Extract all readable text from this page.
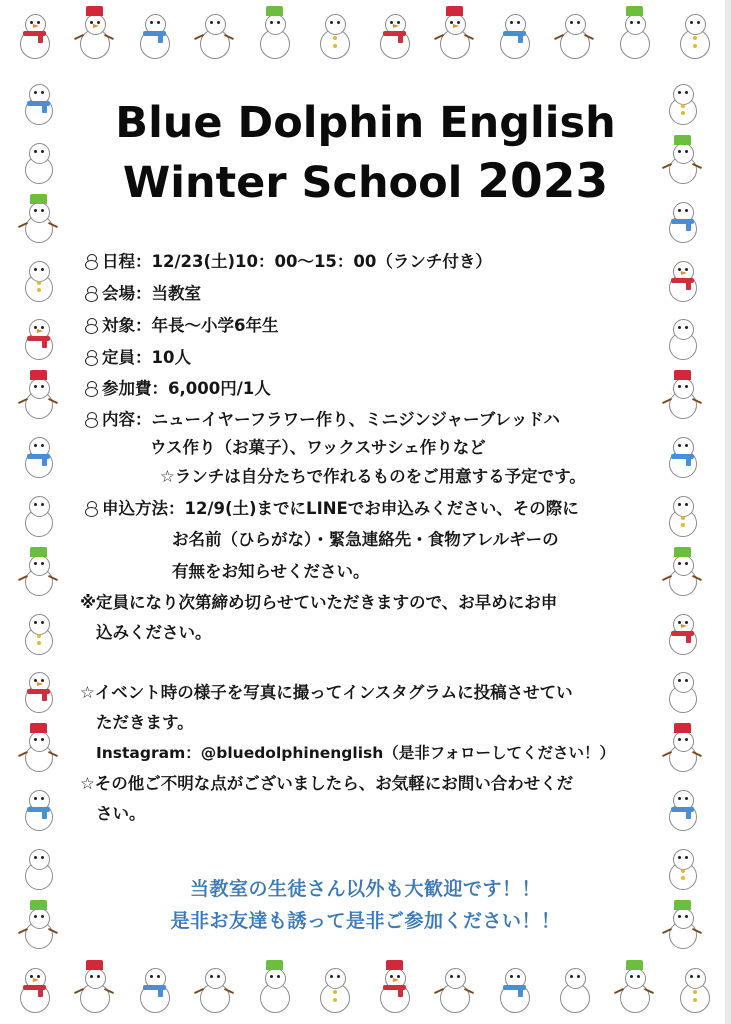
Blue Dolphin English
Winter School 2023
日程：12/23(土)10：00～15：00（ランチ付き）
会場：当教室
対象：年長～小学6年生
定員：10人
参加費：6,000円/1人
内容：ニューイヤーフラワー作り、ミニジンジャーブレッドハ
ウス作り（お菓子）、ワックスサシェ作りなど
☆ランチは自分たちで作れるものをご用意する予定です。
申込方法：12/9(土)までにLINEでお申込みください、その際に
お名前（ひらがな）・緊急連絡先・食物アレルギーの
有無をお知らせください。
※定員になり次第締め切らせていただきますので、お早めにお申
込みください。
☆イベント時の様子を写真に撮ってインスタグラムに投稿させてい
ただきます。
Instagram：@bluedolphinenglish（是非フォローしてください！）
☆その他ご不明な点がございましたら、お気軽にお問い合わせくだ
さい。
当教室の生徒さん以外も大歓迎です！！
是非お友達も誘って是非ご参加ください！！
